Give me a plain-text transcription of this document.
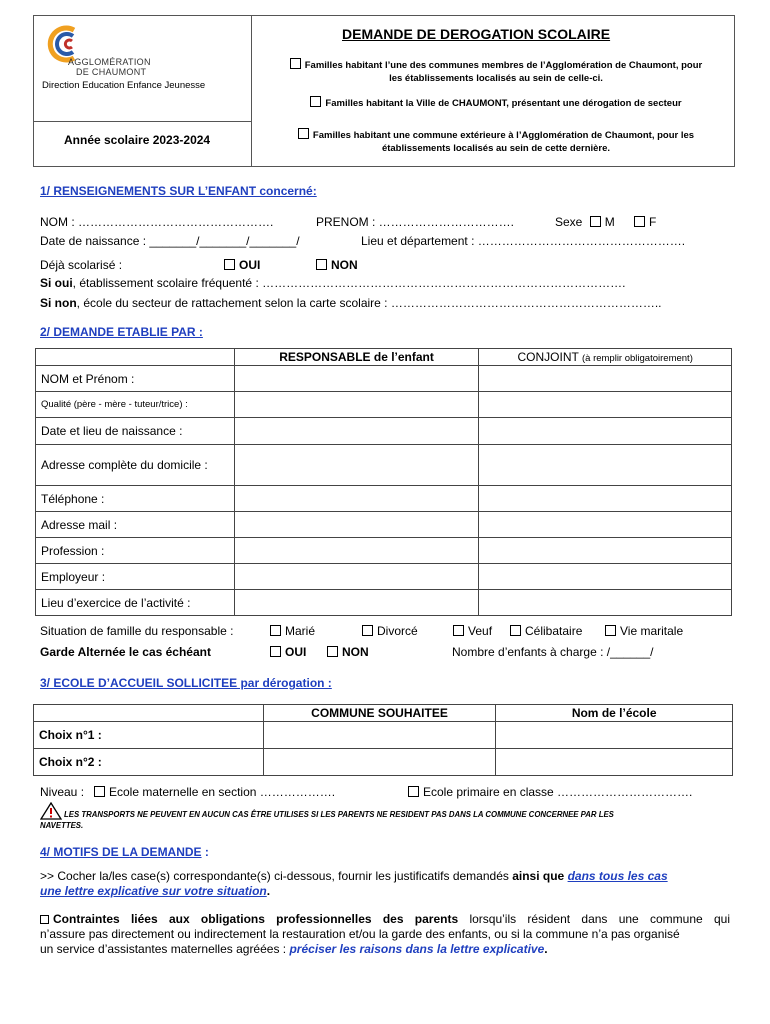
AGGLOMÉRATION
DE CHAUMONT
Direction Education Enfance Jeunesse
Année scolaire 2023-2024
DEMANDE DE DEROGATION SCOLAIRE
Familles habitant l’une des communes membres de l’Agglomération de Chaumont, pour
les établissements localisés au sein de celle-ci.
Familles habitant la Ville de CHAUMONT, présentant une dérogation de secteur
Familles habitant une commune extérieure à l’Agglomération de Chaumont, pour les
établissements localisés au sein de cette dernière.
1/ RENSEIGNEMENTS SUR L’ENFANT concerné:
NOM : ………………………………………….	PRENOM : …………………………….	Sexe M	F
Date de naissance : _______/_______/_______/	Lieu et département : …………………………………………….
Déjà scolarisé :	OUI	NON
Si oui, établissement scolaire fréquenté : ……………………………………………………………………………….
Si non, école du secteur de rattachement selon la carte scolaire : …………………………………………………………..
2/ DEMANDE ETABLIE PAR :
	RESPONSABLE de l’enfant	CONJOINT (à remplir obligatoirement)
NOM et Prénom :		
Qualité (père - mère - tuteur/trice) :		
Date et lieu de naissance :		
Adresse complète du domicile :		
Téléphone :		
Adresse mail :		
Profession :		
Employeur :		
Lieu d’exercice de l’activité :		
Situation de famille du responsable :	Marié	Divorcé	Veuf	Célibataire	Vie maritale
Garde Alternée le cas échéant	OUI	NON	Nombre d’enfants à charge : /______/
3/ ECOLE D’ACCUEIL SOLLICITEE par dérogation :
	COMMUNE SOUHAITEE	Nom de l’école
Choix n°1 :		
Choix n°2 :		
Niveau :	Ecole maternelle en section ……………….	Ecole primaire en classe …………………………….
LES TRANSPORTS NE PEUVENT EN AUCUN CAS ÊTRE UTILISES SI LES PARENTS NE RESIDENT PAS DANS LA COMMUNE CONCERNEE PAR LES
NAVETTES.
4/ MOTIFS DE LA DEMANDE :
>> Cocher la/les case(s) correspondante(s) ci-dessous, fournir les justificatifs demandés ainsi que dans tous les cas
une lettre explicative sur votre situation.
Contraintes liées aux obligations professionnelles des parents lorsqu’ils résident dans une commune qui
n’assure pas directement ou indirectement la restauration et/ou la garde des enfants, ou si la commune n’a pas organisé
un service d’assistantes maternelles agréées : préciser les raisons dans la lettre explicative.
